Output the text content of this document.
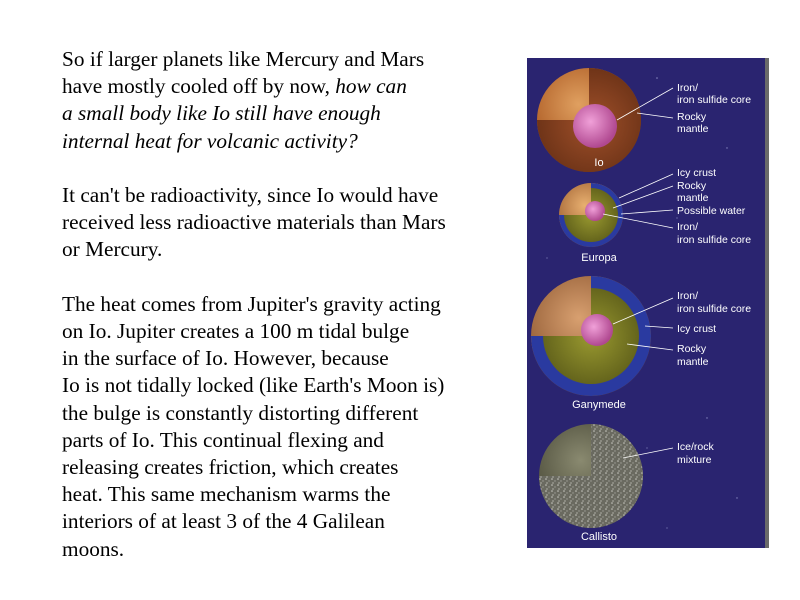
So if larger planets like Mercury and Mars
have mostly cooled off by now, how can
a small body like Io still have enough
internal heat for volcanic activity?

It can't be radioactivity, since Io would have
received less radioactive materials than Mars
or Mercury.

The heat comes from Jupiter's gravity acting
on Io. Jupiter creates a 100 m tidal bulge
in the surface of Io. However, because
Io is not tidally locked (like Earth's Moon is)
the bulge is constantly distorting different
parts of Io. This continual flexing and
releasing creates friction, which creates
heat. This same mechanism warms the
interiors of at least 3 of the 4 Galilean
moons.

Iron/
iron sulfide core
Rocky
mantle
Io
Icy crust
Rocky
mantle
Possible water
Iron/
iron sulfide core
Europa
Iron/
iron sulfide core
Icy crust
Rocky
mantle
Ganymede
Ice/rock
mixture
Callisto
